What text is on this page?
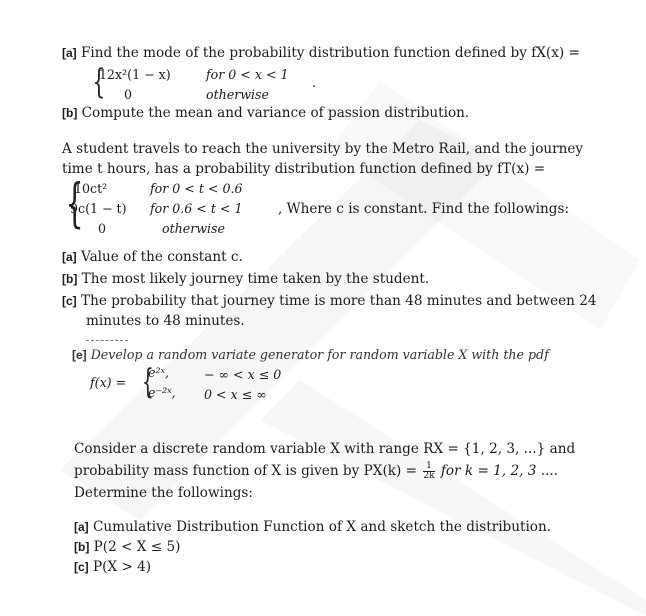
[a] Find the mode of the probability distribution function defined by fX(x) =
{
12x²(1 − x)	for 0 < x < 1
.
0	otherwise
[b] Compute the mean and variance of passion distribution.
A student travels to reach the university by the Metro Rail, and the journey
time t hours, has a probability distribution function defined by fT(x) =
{
10ct²	for 0 < t < 0.6
9c(1 − t) for 0.6 < t < 1	, Where c is constant. Find the followings:
0	otherwise
[a] Value of the constant c.
[b] The most likely journey time taken by the student.
[c] The probability that journey time is more than 48 minutes and between 24
minutes to 48 minutes.
[e] Develop a random variate generator for random variable X with the pdf
f(x) = {
e²ˣ,	− ∞ < x ≤ 0
e⁻²ˣ, 0 < x ≤ ∞
Consider a discrete random variable X with range RX = {1, 2, 3, ...} and
probability mass function of X is given by $PX(k) = \frac{1}{2k}$ for k = 1, 2, 3 ....
Determine the followings:
[a] Cumulative Distribution Function of X and sketch the distribution.
[b] P(2 < X ≤ 5)
[c] P(X > 4)
